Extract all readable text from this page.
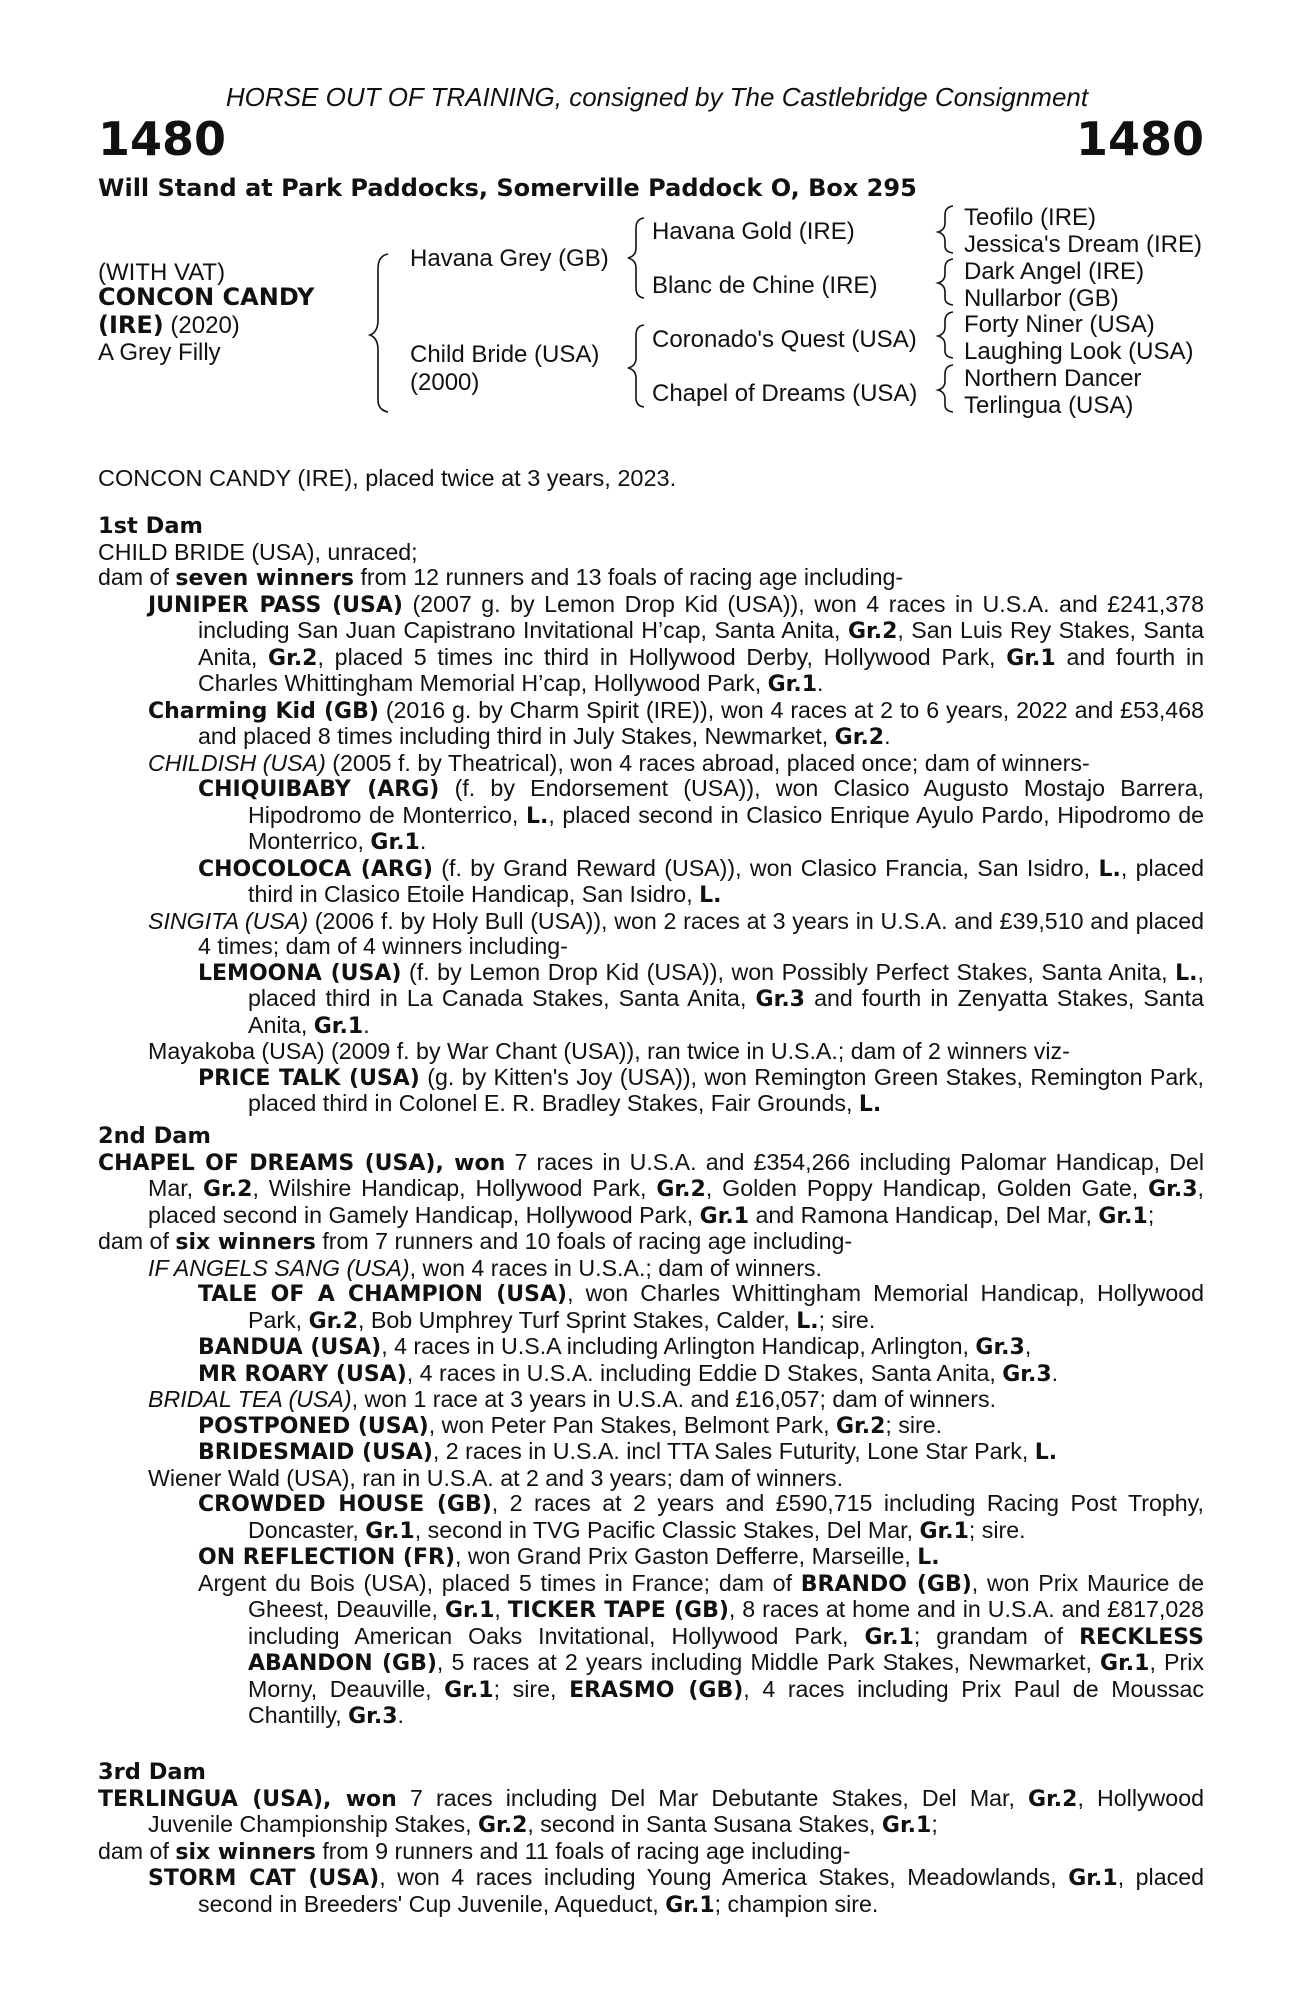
HORSE OUT OF TRAINING, consigned by The Castlebridge Consignment
1480	1480
Will Stand at Park Paddocks, Somerville Paddock O, Box 295
(WITH VAT)
CONCON CANDY
(IRE) (2020)
A Grey Filly
Havana Grey (GB)
Child Bride (USA)
(2000)
Havana Gold (IRE)
Blanc de Chine (IRE)
Coronado's Quest (USA)
Chapel of Dreams (USA)
Teofilo (IRE)
Jessica's Dream (IRE)
Dark Angel (IRE)
Nullarbor (GB)
Forty Niner (USA)
Laughing Look (USA)
Northern Dancer
Terlingua (USA)
CONCON CANDY (IRE), placed twice at 3 years, 2023.

1st Dam

CHILD BRIDE (USA), unraced;

dam of seven winners from 12 runners and 13 foals of racing age including-

JUNIPER PASS (USA) (2007 g. by Lemon Drop Kid (USA)), won 4 races in U.S.A. and £241,378 including San Juan Capistrano Invitational H’cap, Santa Anita, Gr.2, San Luis Rey Stakes, Santa Anita, Gr.2, placed 5 times inc third in Hollywood Derby, Hollywood Park, Gr.1 and fourth in Charles Whittingham Memorial H’cap, Hollywood Park, Gr.1.

Charming Kid (GB) (2016 g. by Charm Spirit (IRE)), won 4 races at 2 to 6 years, 2022 and £53,468 and placed 8 times including third in July Stakes, Newmarket, Gr.2.

CHILDISH (USA) (2005 f. by Theatrical), won 4 races abroad, placed once; dam of winners-

CHIQUIBABY (ARG) (f. by Endorsement (USA)), won Clasico Augusto Mostajo Barrera, Hipodromo de Monterrico, L., placed second in Clasico Enrique Ayulo Pardo, Hipodromo de Monterrico, Gr.1.

CHOCOLOCA (ARG) (f. by Grand Reward (USA)), won Clasico Francia, San Isidro, L., placed third in Clasico Etoile Handicap, San Isidro, L.

SINGITA (USA) (2006 f. by Holy Bull (USA)), won 2 races at 3 years in U.S.A. and £39,510 and placed 4 times; dam of 4 winners including-

LEMOONA (USA) (f. by Lemon Drop Kid (USA)), won Possibly Perfect Stakes, Santa Anita, L., placed third in La Canada Stakes, Santa Anita, Gr.3 and fourth in Zenyatta Stakes, Santa Anita, Gr.1.

Mayakoba (USA) (2009 f. by War Chant (USA)), ran twice in U.S.A.; dam of 2 winners viz-

PRICE TALK (USA) (g. by Kitten's Joy (USA)), won Remington Green Stakes, Remington Park, placed third in Colonel E. R. Bradley Stakes, Fair Grounds, L.

2nd Dam

CHAPEL OF DREAMS (USA), won 7 races in U.S.A. and £354,266 including Palomar Handicap, Del Mar, Gr.2, Wilshire Handicap, Hollywood Park, Gr.2, Golden Poppy Handicap, Golden Gate, Gr.3, placed second in Gamely Handicap, Hollywood Park, Gr.1 and Ramona Handicap, Del Mar, Gr.1;

dam of six winners from 7 runners and 10 foals of racing age including-

IF ANGELS SANG (USA), won 4 races in U.S.A.; dam of winners.

TALE OF A CHAMPION (USA), won Charles Whittingham Memorial Handicap, Hollywood Park, Gr.2, Bob Umphrey Turf Sprint Stakes, Calder, L.; sire.

BANDUA (USA), 4 races in U.S.A including Arlington Handicap, Arlington, Gr.3,

MR ROARY (USA), 4 races in U.S.A. including Eddie D Stakes, Santa Anita, Gr.3.

BRIDAL TEA (USA), won 1 race at 3 years in U.S.A. and £16,057; dam of winners.

POSTPONED (USA), won Peter Pan Stakes, Belmont Park, Gr.2; sire.

BRIDESMAID (USA), 2 races in U.S.A. incl TTA Sales Futurity, Lone Star Park, L.

Wiener Wald (USA), ran in U.S.A. at 2 and 3 years; dam of winners.

CROWDED HOUSE (GB), 2 races at 2 years and £590,715 including Racing Post Trophy, Doncaster, Gr.1, second in TVG Pacific Classic Stakes, Del Mar, Gr.1; sire.

ON REFLECTION (FR), won Grand Prix Gaston Defferre, Marseille, L.

Argent du Bois (USA), placed 5 times in France; dam of BRANDO (GB), won Prix Maurice de Gheest, Deauville, Gr.1, TICKER TAPE (GB), 8 races at home and in U.S.A. and £817,028 including American Oaks Invitational, Hollywood Park, Gr.1; grandam of RECKLESS ABANDON (GB), 5 races at 2 years including Middle Park Stakes, Newmarket, Gr.1, Prix Morny, Deauville, Gr.1; sire, ERASMO (GB), 4 races including Prix Paul de Moussac Chantilly, Gr.3.

3rd Dam

TERLINGUA (USA), won 7 races including Del Mar Debutante Stakes, Del Mar, Gr.2, Hollywood Juvenile Championship Stakes, Gr.2, second in Santa Susana Stakes, Gr.1;

dam of six winners from 9 runners and 11 foals of racing age including-

STORM CAT (USA), won 4 races including Young America Stakes, Meadowlands, Gr.1, placed second in Breeders' Cup Juvenile, Aqueduct, Gr.1; champion sire.
